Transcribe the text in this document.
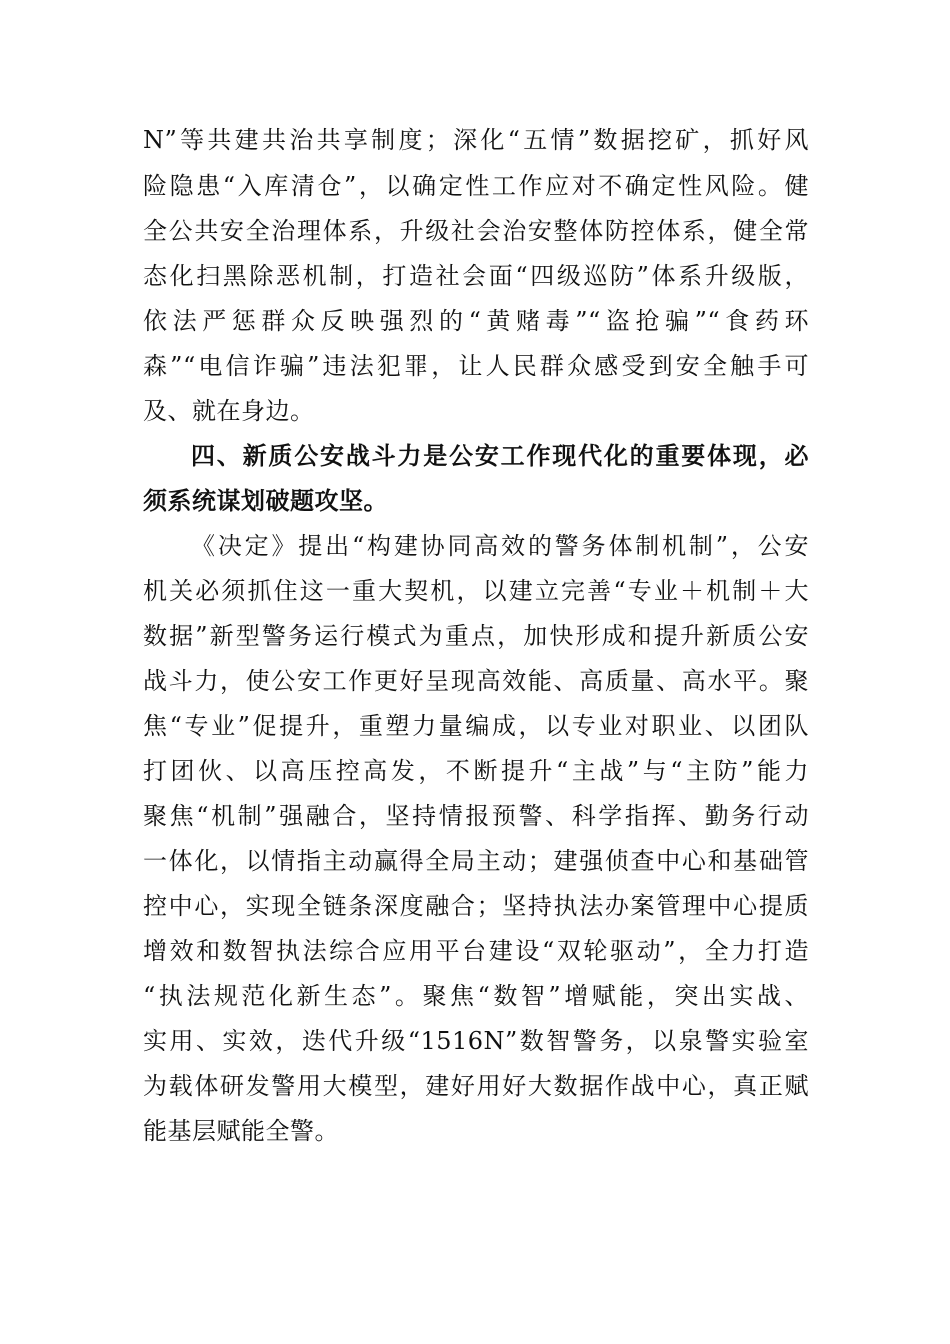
N”等共建共治共享制度；深化“五情”数据挖矿，抓好风
险隐患“入库清仓”，以确定性工作应对不确定性风险。健
全公共安全治理体系，升级社会治安整体防控体系，健全常
态化扫黑除恶机制，打造社会面“四级巡防”体系升级版，
依法严惩群众反映强烈的“黄赌毒”“盗抢骗”“食药环
森”“电信诈骗”违法犯罪，让人民群众感受到安全触手可
及、就在身边。
四、新质公安战斗力是公安工作现代化的重要体现，必
须系统谋划破题攻坚。
《决定》提出“构建协同高效的警务体制机制”，公安
机关必须抓住这一重大契机，以建立完善“专业＋机制＋大
数据”新型警务运行模式为重点，加快形成和提升新质公安
战斗力，使公安工作更好呈现高效能、高质量、高水平。聚
焦“专业”促提升，重塑力量编成，以专业对职业、以团队
打团伙、以高压控高发，不断提升“主战”与“主防”能力
聚焦“机制”强融合，坚持情报预警、科学指挥、勤务行动
一体化，以情指主动赢得全局主动；建强侦查中心和基础管
控中心，实现全链条深度融合；坚持执法办案管理中心提质
增效和数智执法综合应用平台建设“双轮驱动”，全力打造
“执法规范化新生态”。聚焦“数智”增赋能，突出实战、
实用、实效，迭代升级“1516N”数智警务，以泉警实验室
为载体研发警用大模型，建好用好大数据作战中心，真正赋
能基层赋能全警。
